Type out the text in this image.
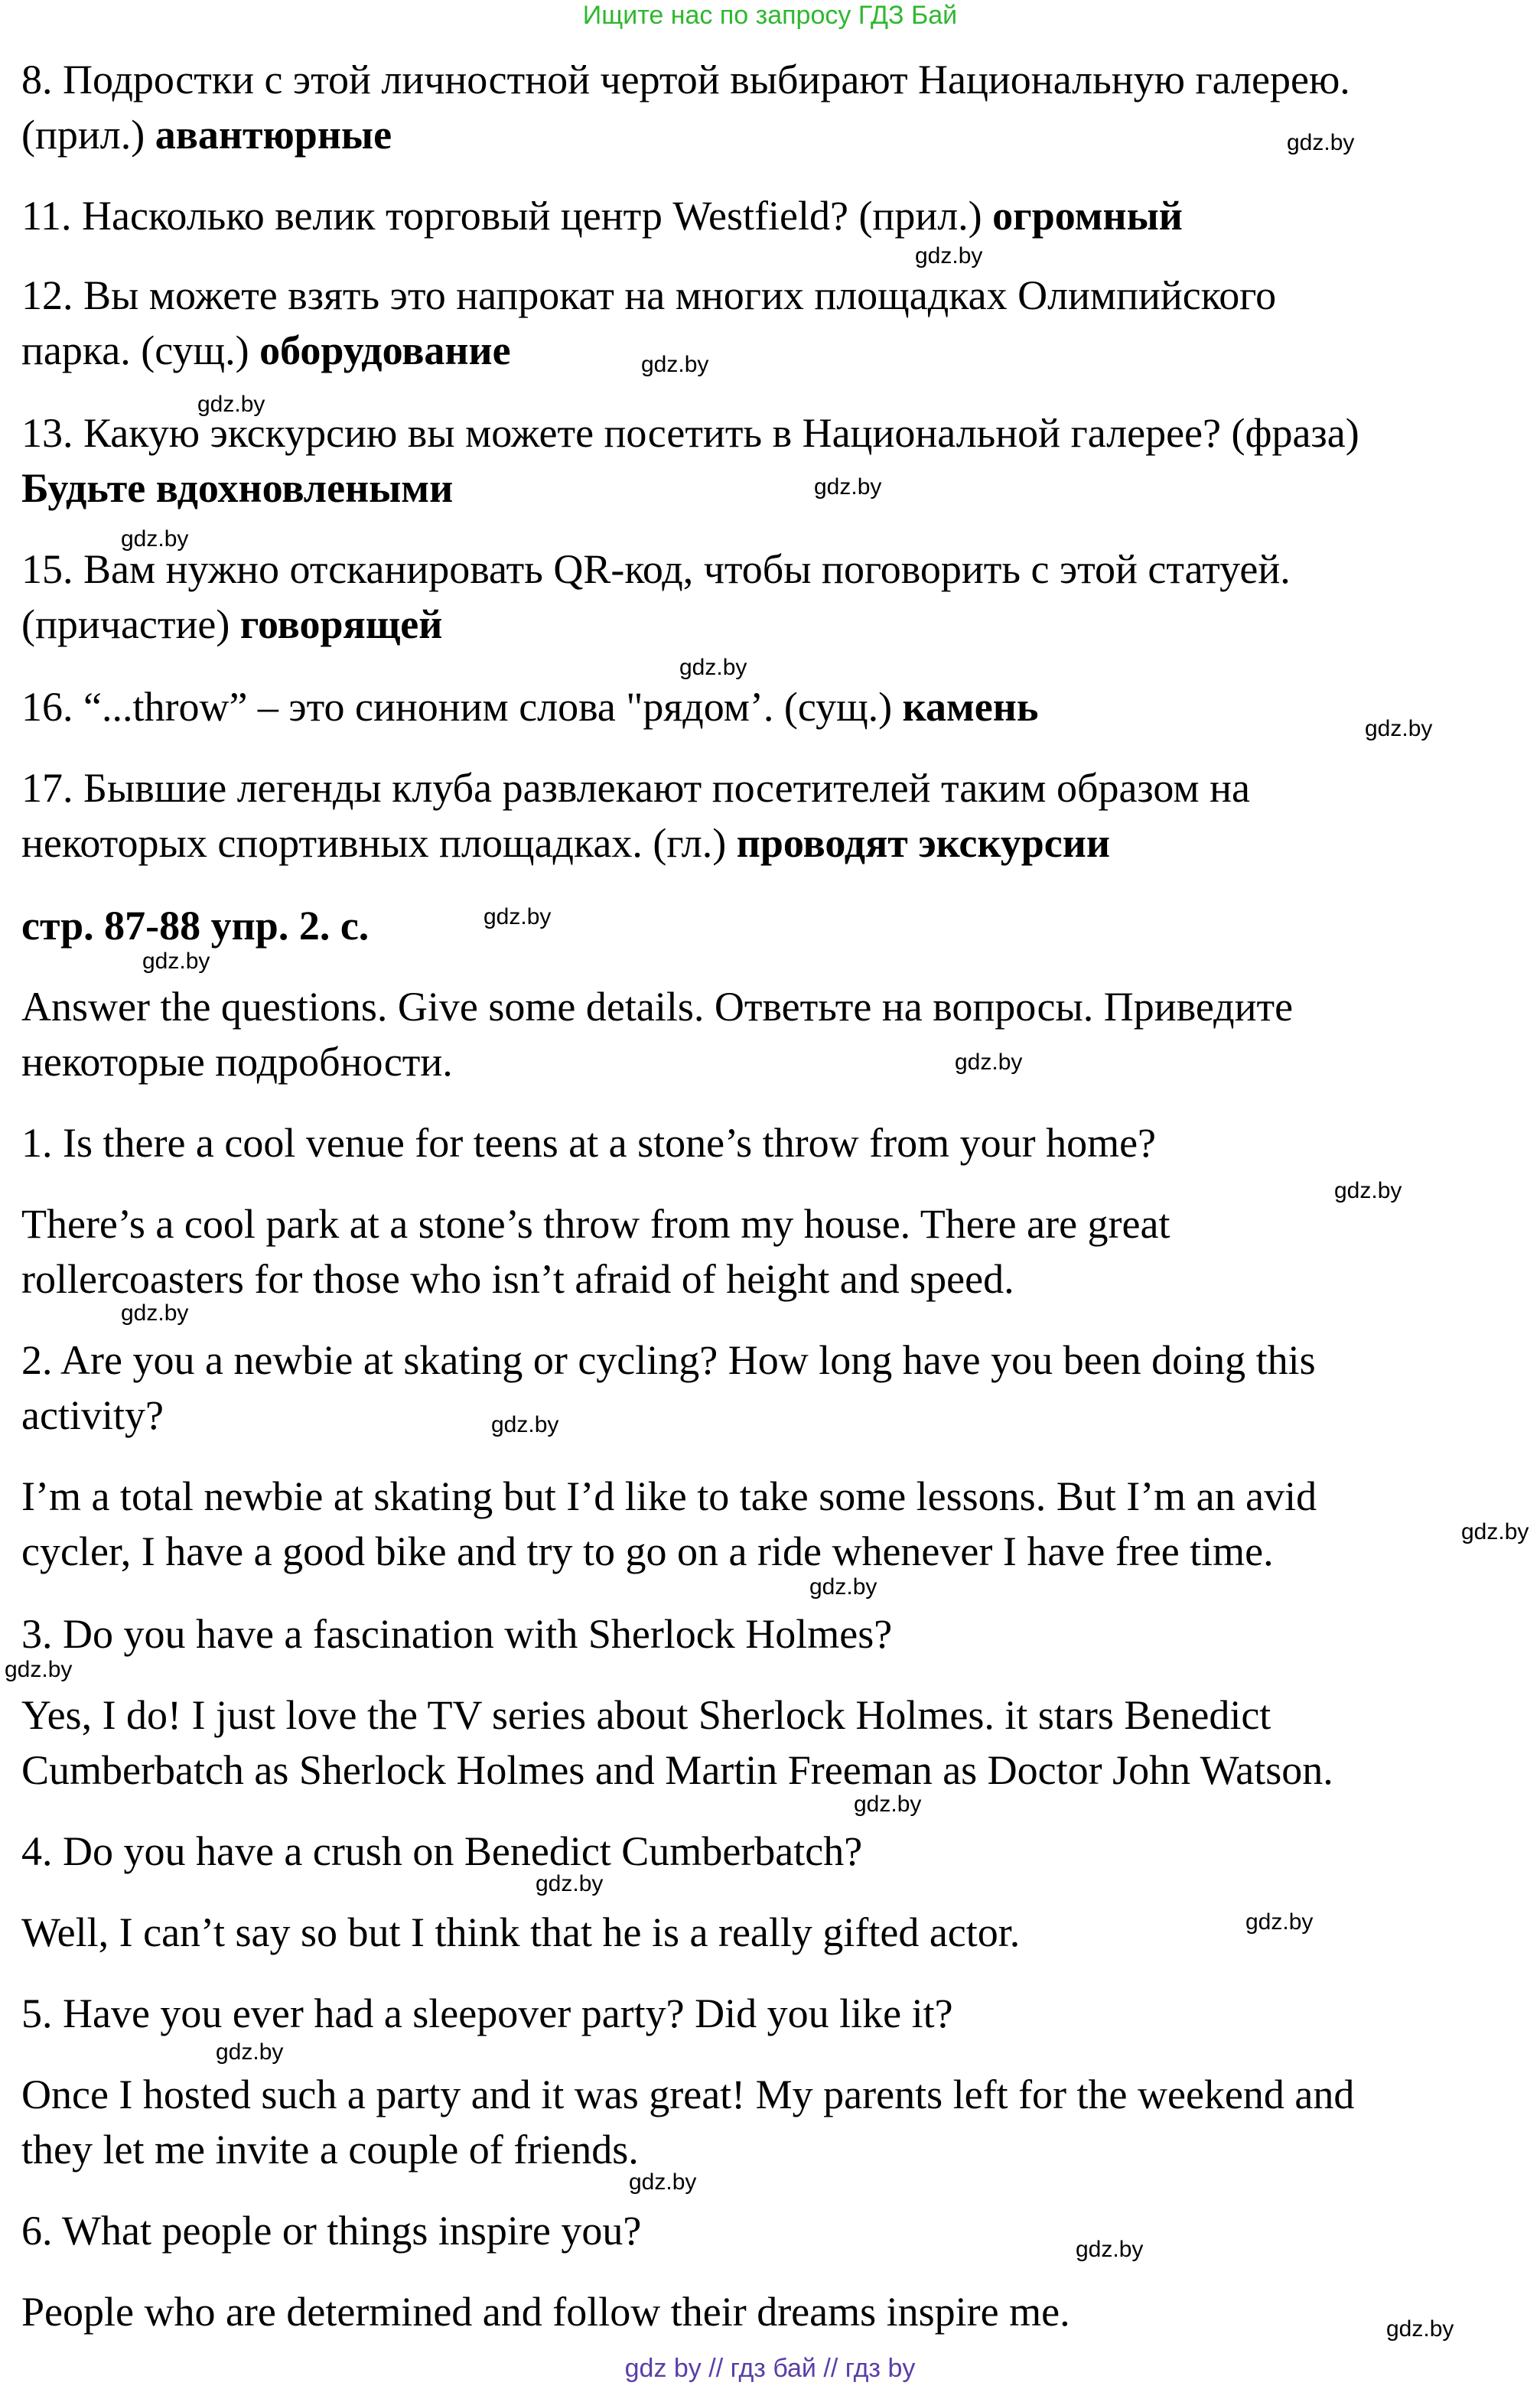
Ищите нас по запросу ГДЗ Бай
8. Подростки с этой личностной чертой выбирают Национальную галерею.
(прил.) авантюрные
11. Насколько велик торговый центр Westfield? (прил.) огромный
12. Вы можете взять это напрокат на многих площадках Олимпийского
парка. (сущ.) оборудование
13. Какую экскурсию вы можете посетить в Национальной галерее? (фраза)
Будьте вдохновлеными
15. Вам нужно отсканировать QR-код, чтобы поговорить с этой статуей.
(причастие) говорящей
16. “...throw” – это синоним слова "рядом’. (сущ.) камень
17. Бывшие легенды клуба развлекают посетителей таким образом на
некоторых спортивных площадках. (гл.) проводят экскурсии
стр. 87-88 упр. 2. с.
Answer the questions. Give some details. Ответьте на вопросы. Приведите
некоторые подробности.
1. Is there a cool venue for teens at a stone’s throw from your home?
There’s a cool park at a stone’s throw from my house. There are great
rollercoasters for those who isn’t afraid of height and speed.
2. Are you a newbie at skating or cycling? How long have you been doing this
activity?
I’m a total newbie at skating but I’d like to take some lessons. But I’m an avid
cycler, I have a good bike and try to go on a ride whenever I have free time.
3. Do you have a fascination with Sherlock Holmes?
Yes, I do! I just love the TV series about Sherlock Holmes. it stars Benedict
Cumberbatch as Sherlock Holmes and Martin Freeman as Doctor John Watson.
4. Do you have a crush on Benedict Cumberbatch?
Well, I can’t say so but I think that he is a really gifted actor.
5. Have you ever had a sleepover party? Did you like it?
Once I hosted such a party and it was great! My parents left for the weekend and
they let me invite a couple of friends.
6. What people or things inspire you?
People who are determined and follow their dreams inspire me.
gdz.by
gdz.by
gdz.by
gdz.by
gdz.by
gdz.by
gdz.by
gdz.by
gdz.by
gdz.by
gdz.by
gdz.by
gdz.by
gdz.by
gdz.by
gdz.by
gdz.by
gdz.by
gdz.by
gdz.by
gdz.by
gdz.by
gdz.by
gdz.by
gdz by // гдз бай // гдз by
